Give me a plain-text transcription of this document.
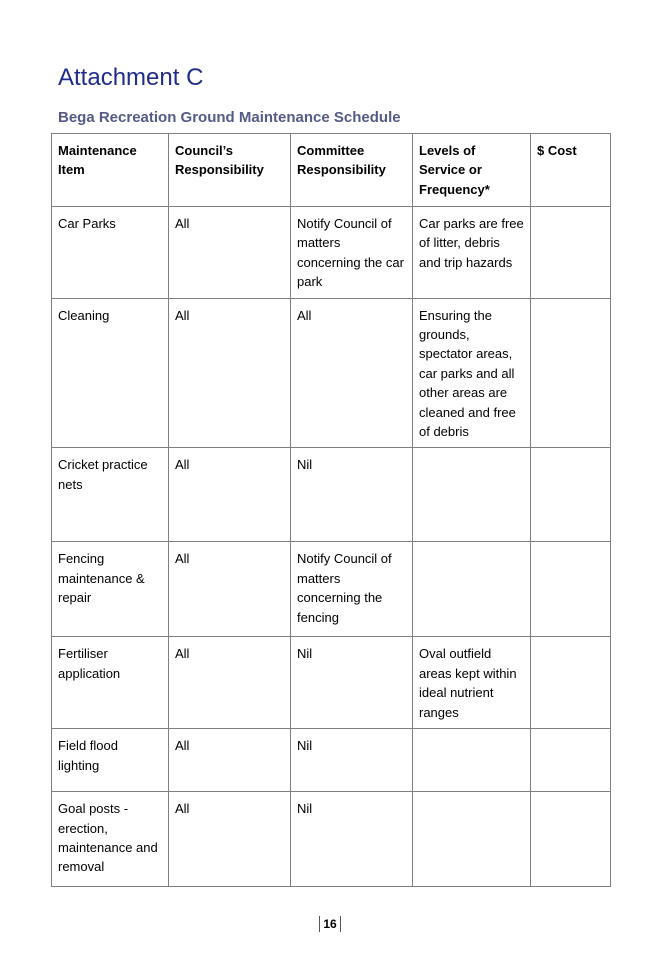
Attachment C
Bega Recreation Ground Maintenance Schedule
Maintenance Item	Council’s Responsibility	Committee Responsibility	Levels of Service or Frequency*	$ Cost
Car Parks	All	Notify Council of matters concerning the car park	Car parks are free of litter, debris and trip hazards	
Cleaning	All	All	Ensuring the grounds, spectator areas, car parks and all other areas are cleaned and free of debris	
Cricket practice nets	All	Nil		
Fencing maintenance & repair	All	Notify Council of matters concerning the fencing		
Fertiliser application	All	Nil	Oval outfield areas kept within ideal nutrient ranges	
Field flood lighting	All	Nil		
Goal posts - erection, maintenance and removal	All	Nil		
16
